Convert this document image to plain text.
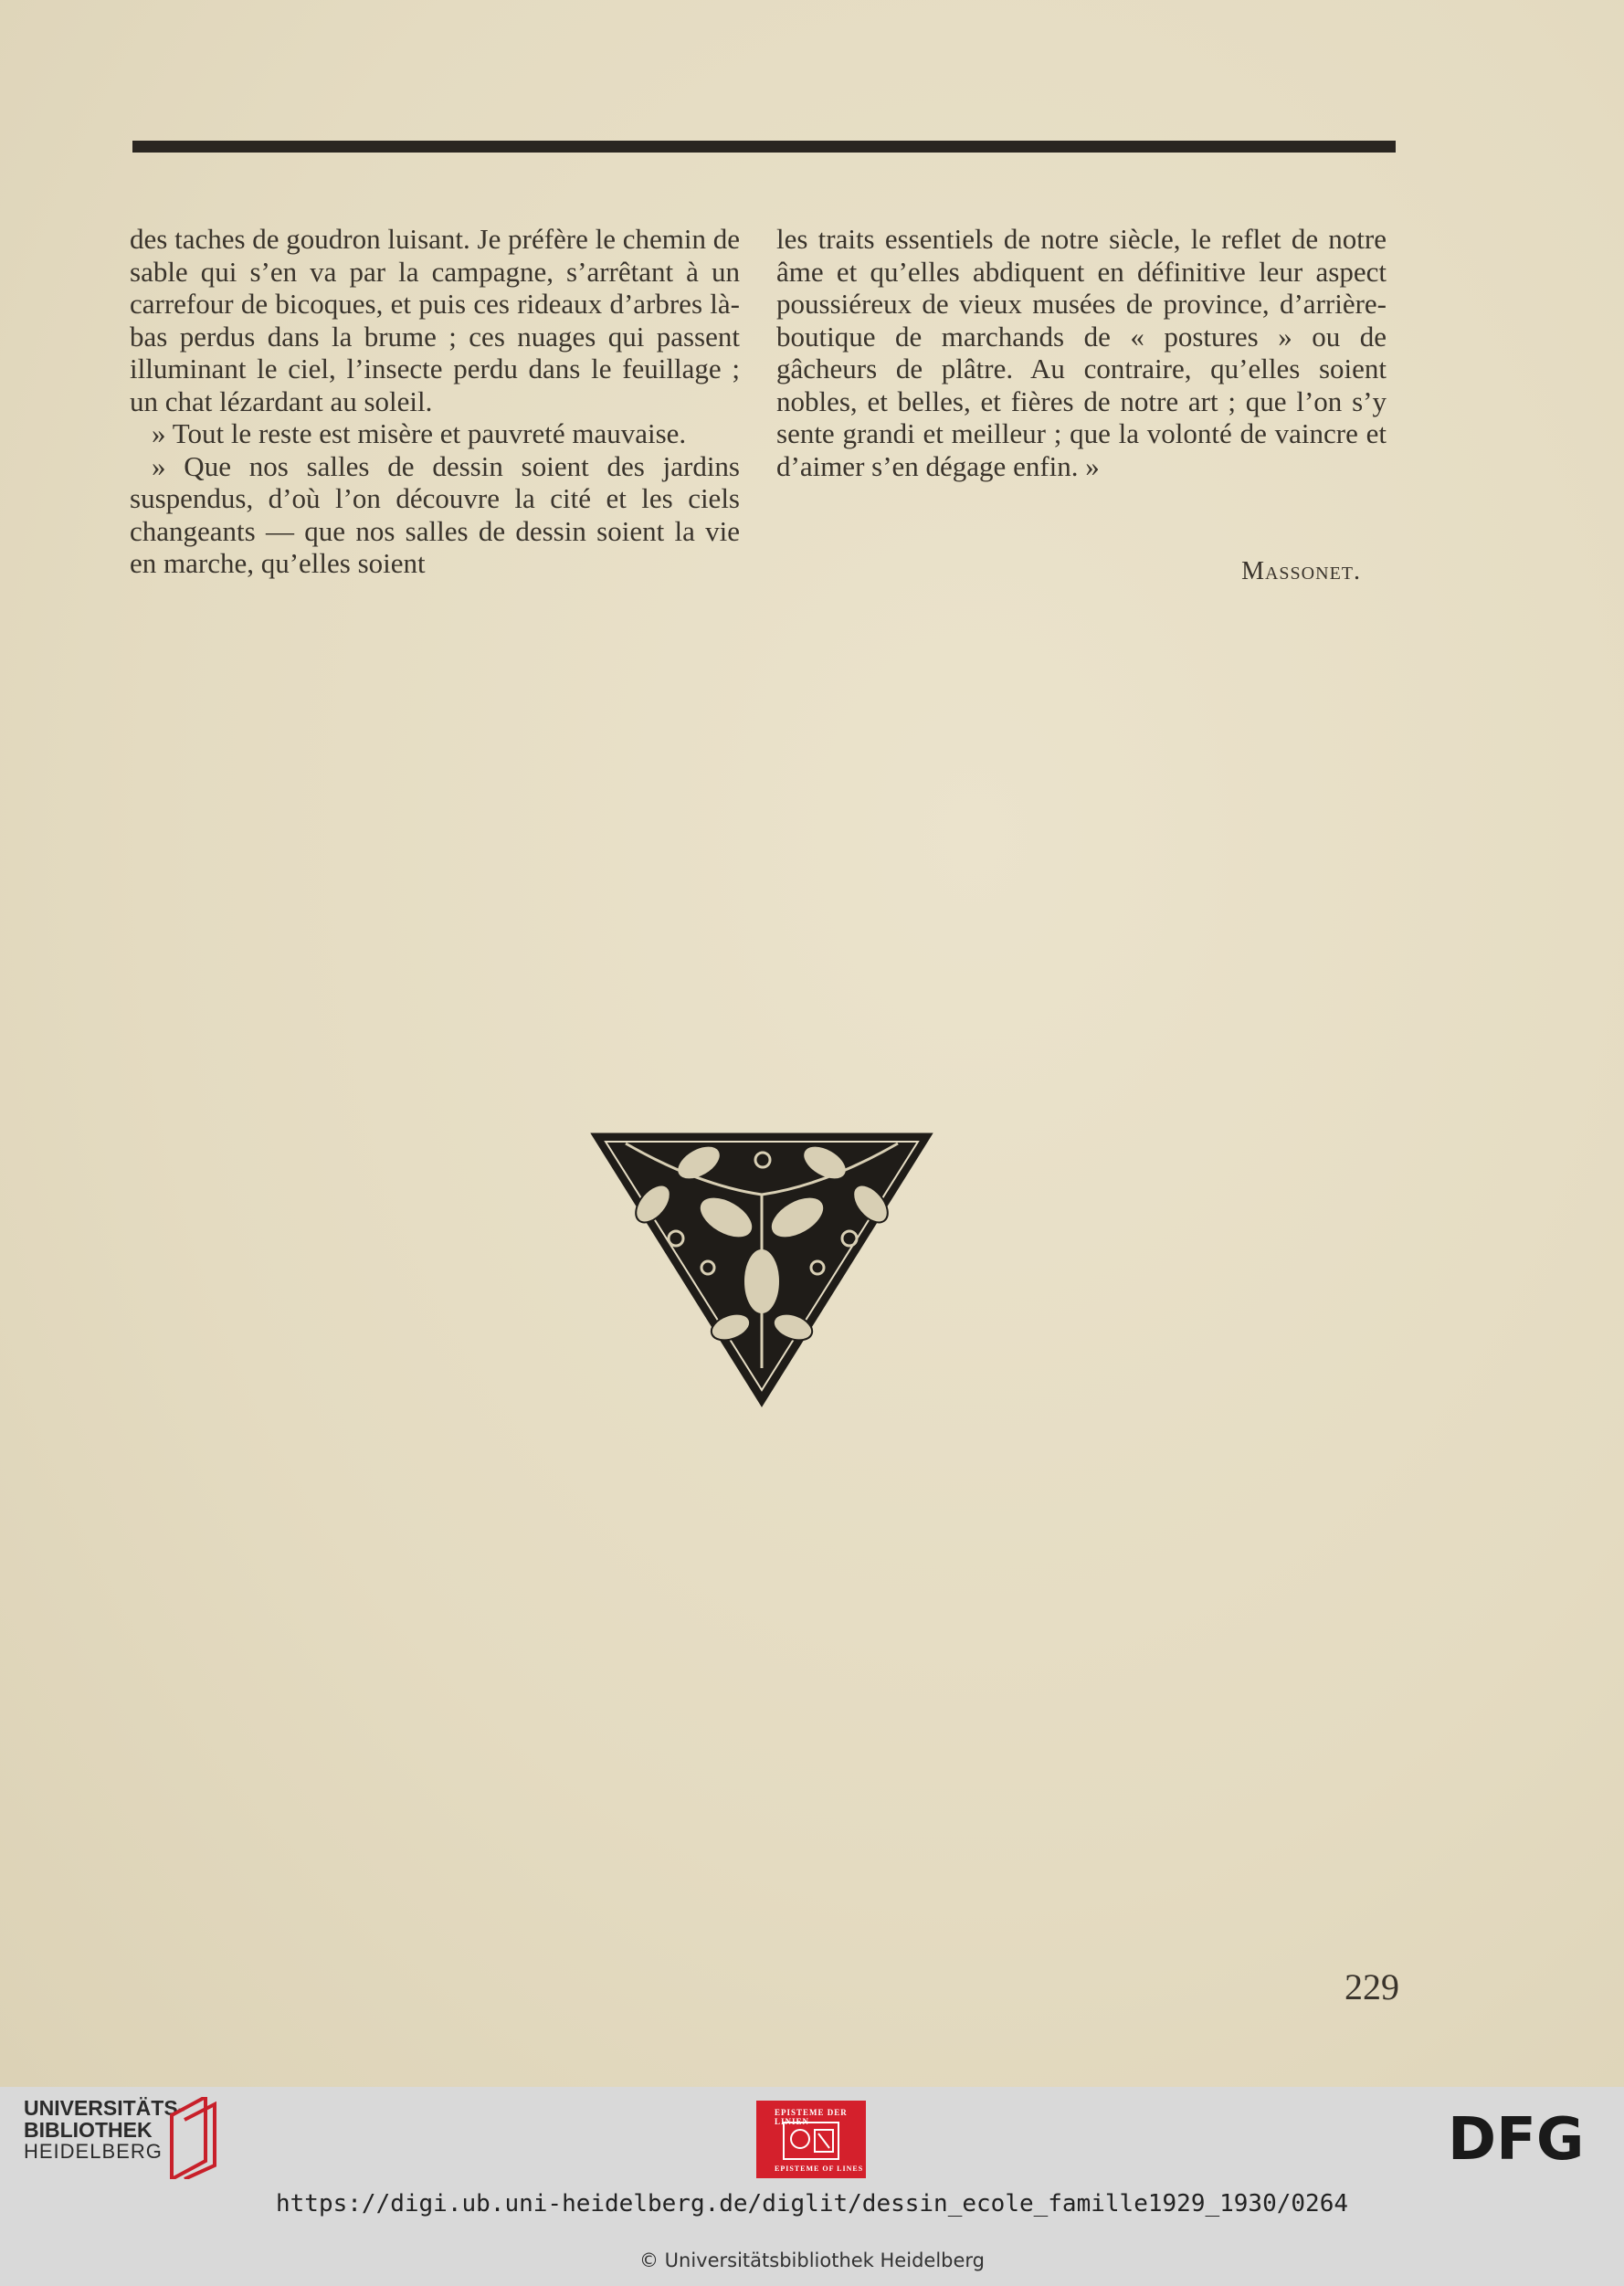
des taches de goudron luisant. Je préfère le chemin de sable qui s’en va par la campagne, s’arrêtant à un carrefour de bicoques, et puis ces rideaux d’arbres là-bas perdus dans la brume ; ces nuages qui passent illuminant le ciel, l’insecte perdu dans le feuillage ; un chat lézardant au soleil.

» Tout le reste est misère et pauvreté mauvaise.

» Que nos salles de dessin soient des jardins suspendus, d’où l’on découvre la cité et les ciels changeants — que nos salles de dessin soient la vie en marche, qu’elles soient

les traits essentiels de notre siècle, le reflet de notre âme et qu’elles abdiquent en définitive leur aspect poussiéreux de vieux musées de province, d’arrière-boutique de marchands de « postures » ou de gâcheurs de plâtre. Au contraire, qu’elles soient nobles, et belles, et fières de notre art ; que l’on s’y sente grandi et meilleur ; que la volonté de vaincre et d’aimer s’en dégage enfin. »

Massonet.
229
UNIVERSITÄTS-
BIBLIOTHEK
HEIDELBERG
EPISTEME DER LINIEN
EPISTEME OF LINES	DFG
https://digi.ub.uni-heidelberg.de/diglit/dessin_ecole_famille1929_1930/0264
© Universitätsbibliothek Heidelberg
